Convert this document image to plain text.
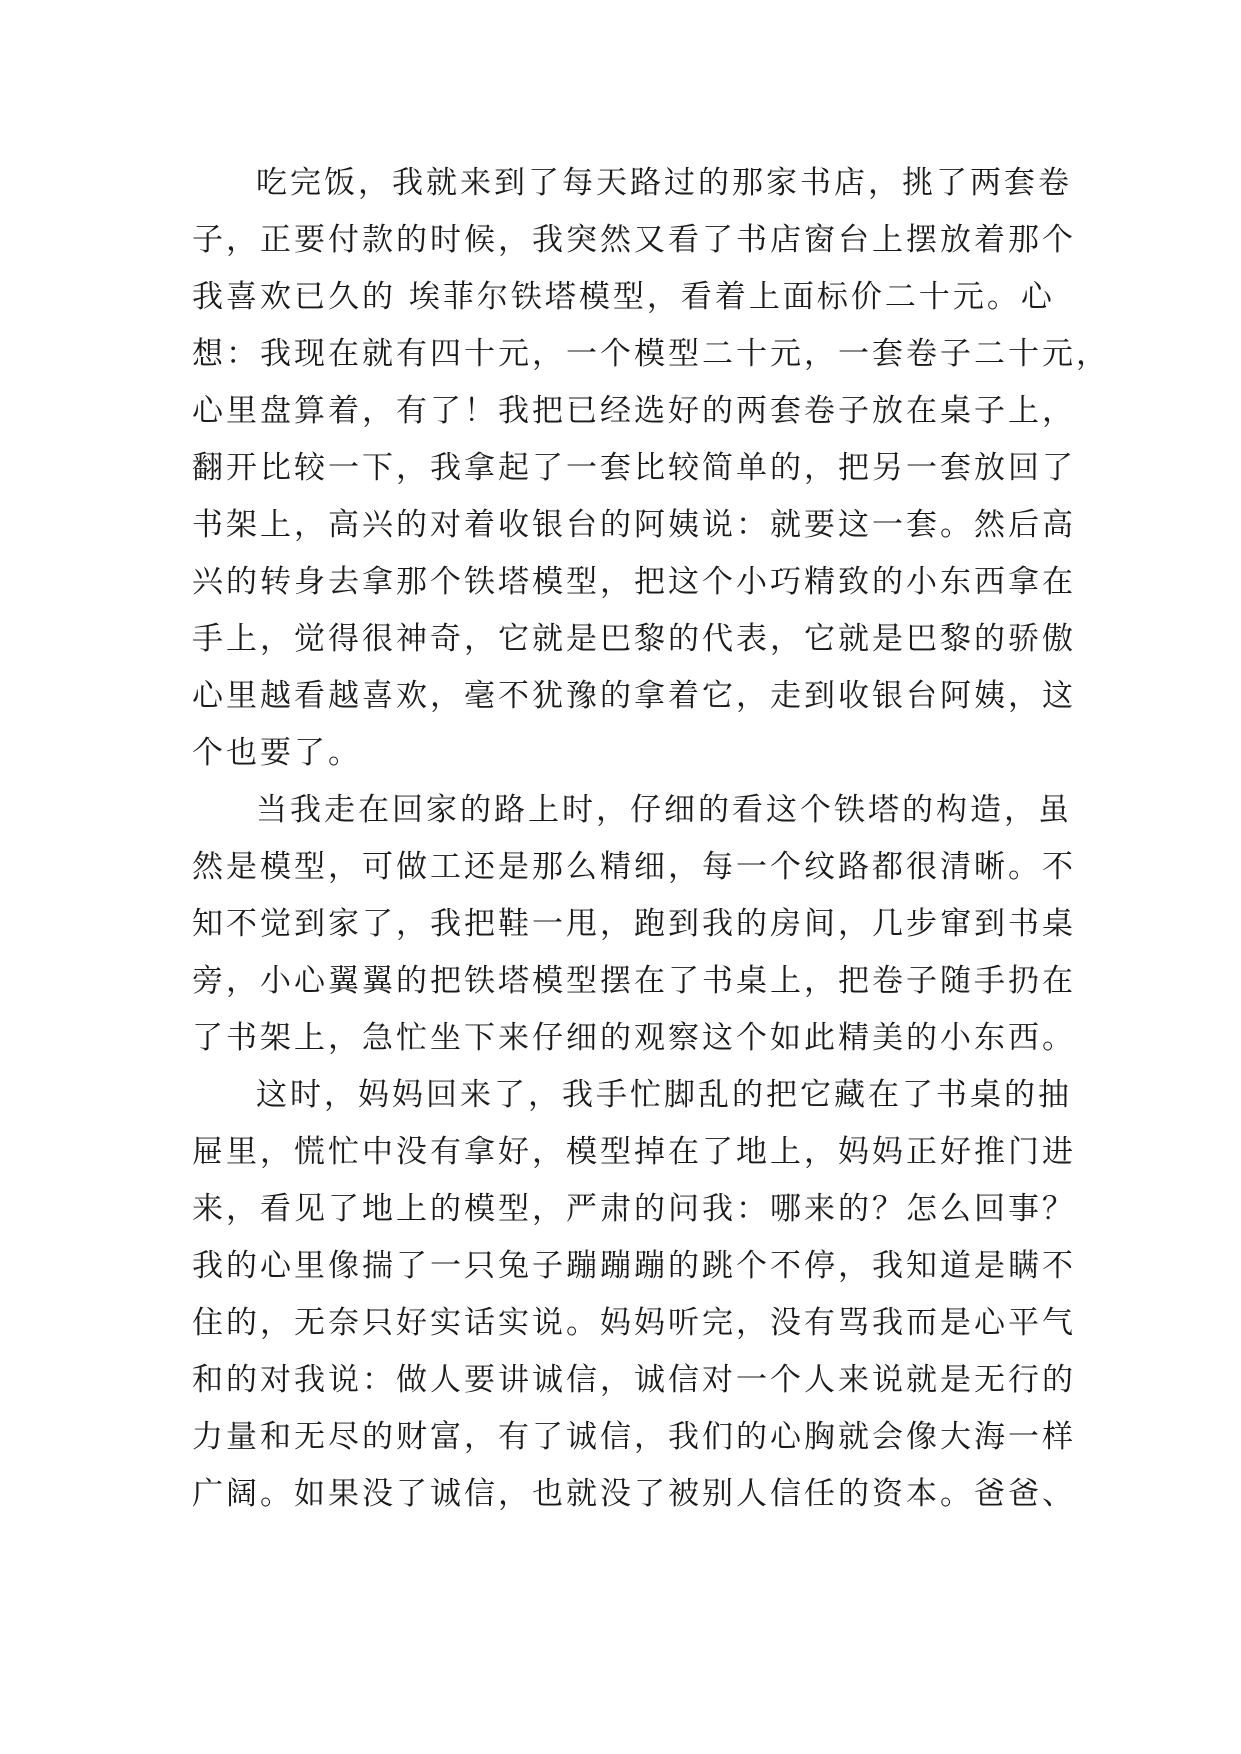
吃完饭，我就来到了每天路过的那家书店，挑了两套卷
子，正要付款的时候，我突然又看了书店窗台上摆放着那个
我喜欢已久的 埃菲尔铁塔模型，看着上面标价二十元。心
想：我现在就有四十元，一个模型二十元，一套卷子二十元，
心里盘算着，有了！我把已经选好的两套卷子放在桌子上，
翻开比较一下，我拿起了一套比较简单的，把另一套放回了
书架上，高兴的对着收银台的阿姨说：就要这一套。然后高
兴的转身去拿那个铁塔模型，把这个小巧精致的小东西拿在
手上，觉得很神奇，它就是巴黎的代表，它就是巴黎的骄傲
心里越看越喜欢，毫不犹豫的拿着它，走到收银台阿姨，这
个也要了。
当我走在回家的路上时，仔细的看这个铁塔的构造，虽
然是模型，可做工还是那么精细，每一个纹路都很清晰。不
知不觉到家了，我把鞋一甩，跑到我的房间，几步窜到书桌
旁，小心翼翼的把铁塔模型摆在了书桌上，把卷子随手扔在
了书架上，急忙坐下来仔细的观察这个如此精美的小东西。
这时，妈妈回来了，我手忙脚乱的把它藏在了书桌的抽
屉里，慌忙中没有拿好，模型掉在了地上，妈妈正好推门进
来，看见了地上的模型，严肃的问我：哪来的？怎么回事？
我的心里像揣了一只兔子蹦蹦蹦的跳个不停，我知道是瞒不
住的，无奈只好实话实说。妈妈听完，没有骂我而是心平气
和的对我说：做人要讲诚信，诚信对一个人来说就是无行的
力量和无尽的财富，有了诚信，我们的心胸就会像大海一样
广阔。如果没了诚信，也就没了被别人信任的资本。爸爸、
